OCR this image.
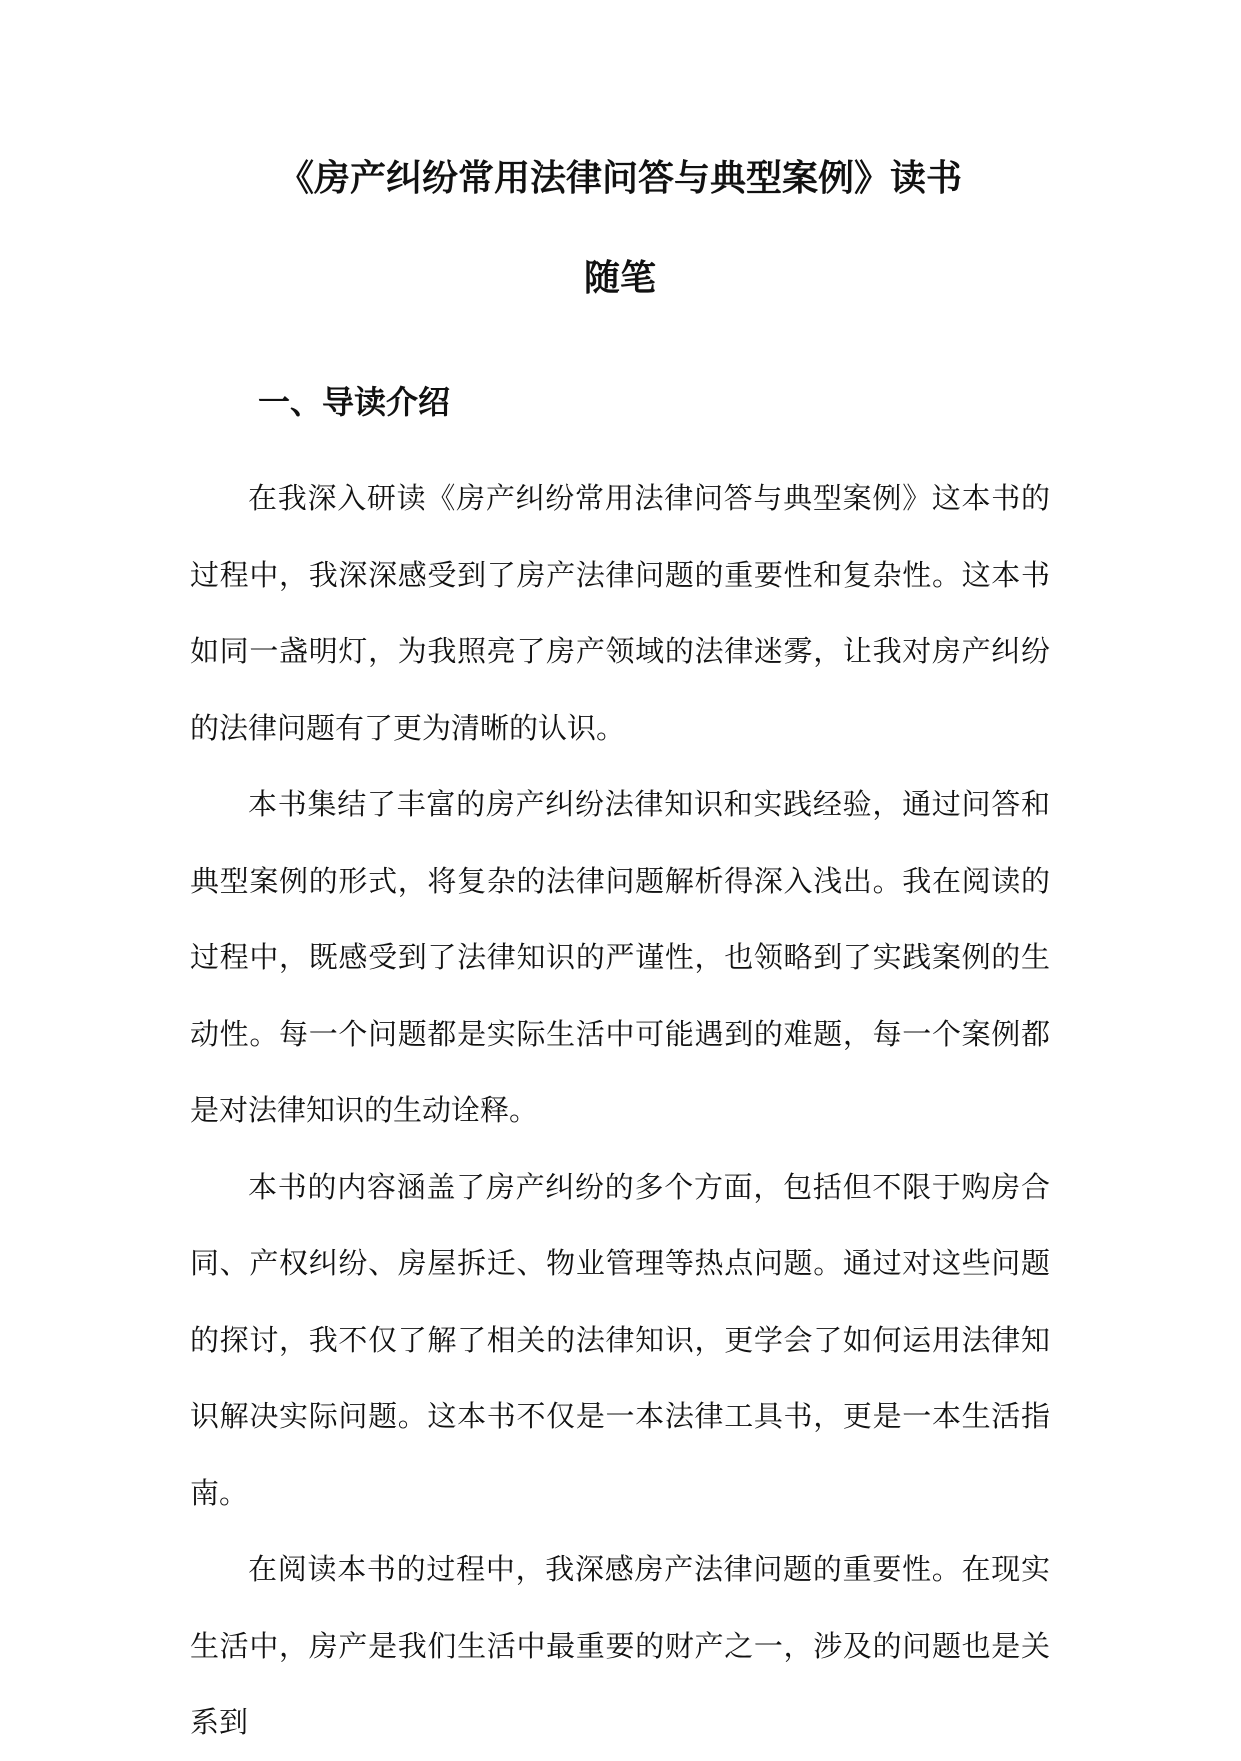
《房产纠纷常用法律问答与典型案例》读书
随笔
一、导读介绍

在我深入研读《房产纠纷常用法律问答与典型案例》这本书的过程中，我深深感受到了房产法律问题的重要性和复杂性。这本书如同一盏明灯，为我照亮了房产领域的法律迷雾，让我对房产纠纷的法律问题有了更为清晰的认识。

本书集结了丰富的房产纠纷法律知识和实践经验，通过问答和典型案例的形式，将复杂的法律问题解析得深入浅出。我在阅读的过程中，既感受到了法律知识的严谨性，也领略到了实践案例的生动性。每一个问题都是实际生活中可能遇到的难题，每一个案例都是对法律知识的生动诠释。

本书的内容涵盖了房产纠纷的多个方面，包括但不限于购房合同、产权纠纷、房屋拆迁、物业管理等热点问题。通过对这些问题的探讨，我不仅了解了相关的法律知识，更学会了如何运用法律知识解决实际问题。这本书不仅是一本法律工具书，更是一本生活指南。

在阅读本书的过程中，我深感房产法律问题的重要性。在现实生活中，房产是我们生活中最重要的财产之一，涉及的问题也是关系到
